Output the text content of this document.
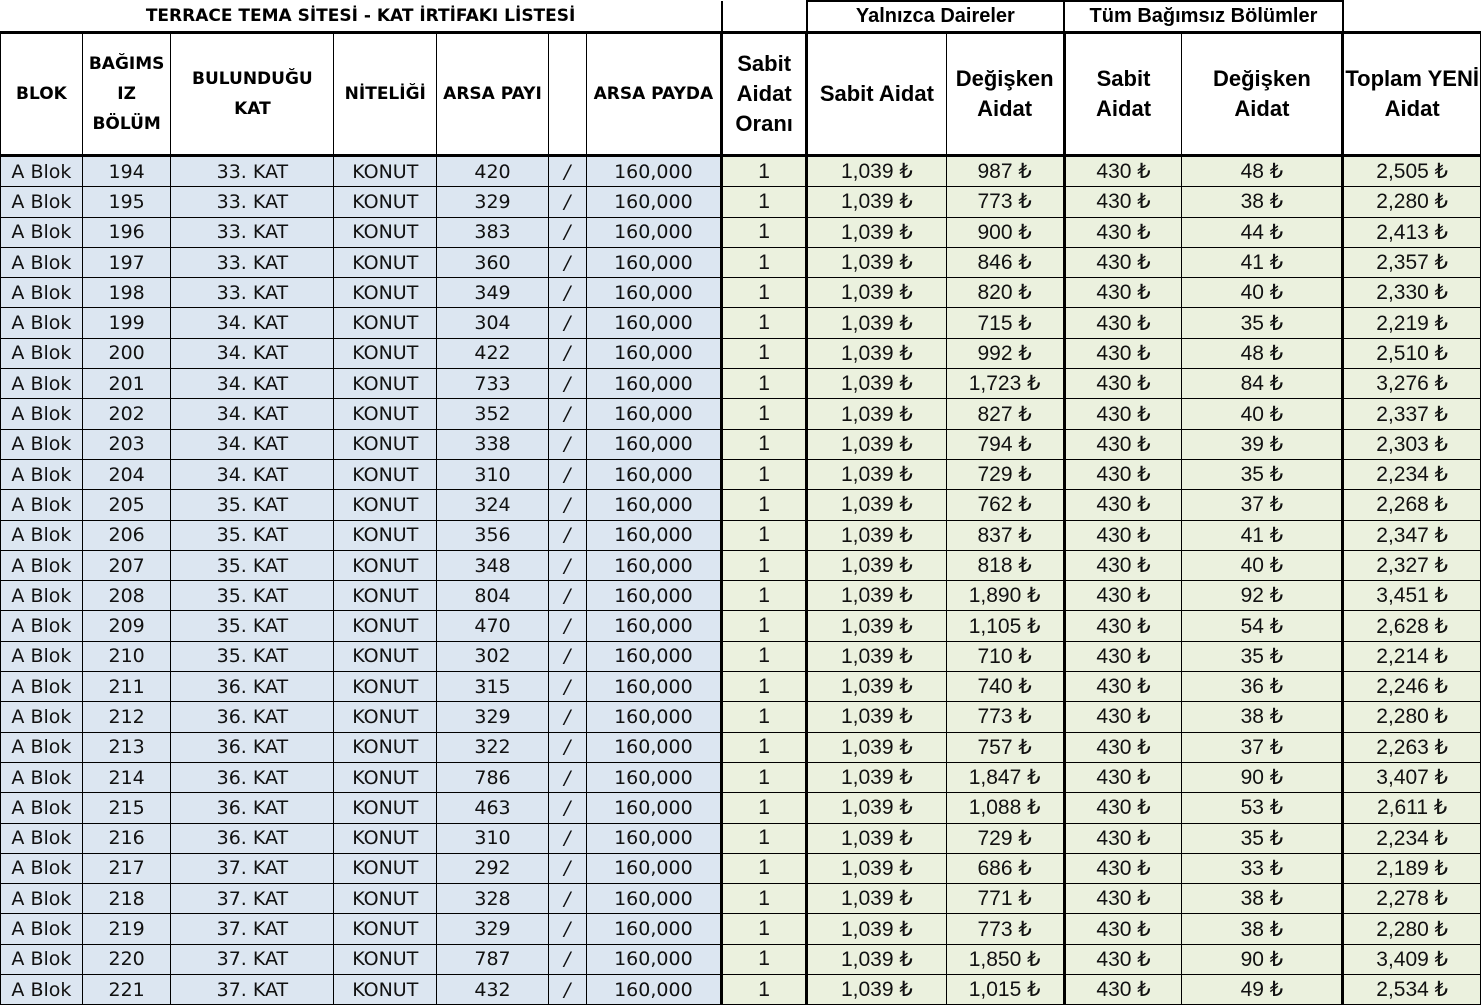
TERRACE TEMA SİTESİ - KAT İRTİFAKI LİSTESİ								Yalnızca Daireler		Tüm Bağımsız Bölümler		
BLOK	BAĞIMS IZ BÖLÜM	BULUNDUĞU KAT	NİTELİĞİ	ARSA PAYI		ARSA PAYDA	Sabit Aidat Oranı	Sabit Aidat	Değişken Aidat	Sabit Aidat	Değişken Aidat	Toplam YENİ Aidat
A Blok	194	33. KAT	KONUT	420	/	160,000	1	1,039 ₺	987 ₺	430 ₺	48 ₺	2,505 ₺
A Blok	195	33. KAT	KONUT	329	/	160,000	1	1,039 ₺	773 ₺	430 ₺	38 ₺	2,280 ₺
A Blok	196	33. KAT	KONUT	383	/	160,000	1	1,039 ₺	900 ₺	430 ₺	44 ₺	2,413 ₺
A Blok	197	33. KAT	KONUT	360	/	160,000	1	1,039 ₺	846 ₺	430 ₺	41 ₺	2,357 ₺
A Blok	198	33. KAT	KONUT	349	/	160,000	1	1,039 ₺	820 ₺	430 ₺	40 ₺	2,330 ₺
A Blok	199	34. KAT	KONUT	304	/	160,000	1	1,039 ₺	715 ₺	430 ₺	35 ₺	2,219 ₺
A Blok	200	34. KAT	KONUT	422	/	160,000	1	1,039 ₺	992 ₺	430 ₺	48 ₺	2,510 ₺
A Blok	201	34. KAT	KONUT	733	/	160,000	1	1,039 ₺	1,723 ₺	430 ₺	84 ₺	3,276 ₺
A Blok	202	34. KAT	KONUT	352	/	160,000	1	1,039 ₺	827 ₺	430 ₺	40 ₺	2,337 ₺
A Blok	203	34. KAT	KONUT	338	/	160,000	1	1,039 ₺	794 ₺	430 ₺	39 ₺	2,303 ₺
A Blok	204	34. KAT	KONUT	310	/	160,000	1	1,039 ₺	729 ₺	430 ₺	35 ₺	2,234 ₺
A Blok	205	35. KAT	KONUT	324	/	160,000	1	1,039 ₺	762 ₺	430 ₺	37 ₺	2,268 ₺
A Blok	206	35. KAT	KONUT	356	/	160,000	1	1,039 ₺	837 ₺	430 ₺	41 ₺	2,347 ₺
A Blok	207	35. KAT	KONUT	348	/	160,000	1	1,039 ₺	818 ₺	430 ₺	40 ₺	2,327 ₺
A Blok	208	35. KAT	KONUT	804	/	160,000	1	1,039 ₺	1,890 ₺	430 ₺	92 ₺	3,451 ₺
A Blok	209	35. KAT	KONUT	470	/	160,000	1	1,039 ₺	1,105 ₺	430 ₺	54 ₺	2,628 ₺
A Blok	210	35. KAT	KONUT	302	/	160,000	1	1,039 ₺	710 ₺	430 ₺	35 ₺	2,214 ₺
A Blok	211	36. KAT	KONUT	315	/	160,000	1	1,039 ₺	740 ₺	430 ₺	36 ₺	2,246 ₺
A Blok	212	36. KAT	KONUT	329	/	160,000	1	1,039 ₺	773 ₺	430 ₺	38 ₺	2,280 ₺
A Blok	213	36. KAT	KONUT	322	/	160,000	1	1,039 ₺	757 ₺	430 ₺	37 ₺	2,263 ₺
A Blok	214	36. KAT	KONUT	786	/	160,000	1	1,039 ₺	1,847 ₺	430 ₺	90 ₺	3,407 ₺
A Blok	215	36. KAT	KONUT	463	/	160,000	1	1,039 ₺	1,088 ₺	430 ₺	53 ₺	2,611 ₺
A Blok	216	36. KAT	KONUT	310	/	160,000	1	1,039 ₺	729 ₺	430 ₺	35 ₺	2,234 ₺
A Blok	217	37. KAT	KONUT	292	/	160,000	1	1,039 ₺	686 ₺	430 ₺	33 ₺	2,189 ₺
A Blok	218	37. KAT	KONUT	328	/	160,000	1	1,039 ₺	771 ₺	430 ₺	38 ₺	2,278 ₺
A Blok	219	37. KAT	KONUT	329	/	160,000	1	1,039 ₺	773 ₺	430 ₺	38 ₺	2,280 ₺
A Blok	220	37. KAT	KONUT	787	/	160,000	1	1,039 ₺	1,850 ₺	430 ₺	90 ₺	3,409 ₺
A Blok	221	37. KAT	KONUT	432	/	160,000	1	1,039 ₺	1,015 ₺	430 ₺	49 ₺	2,534 ₺
